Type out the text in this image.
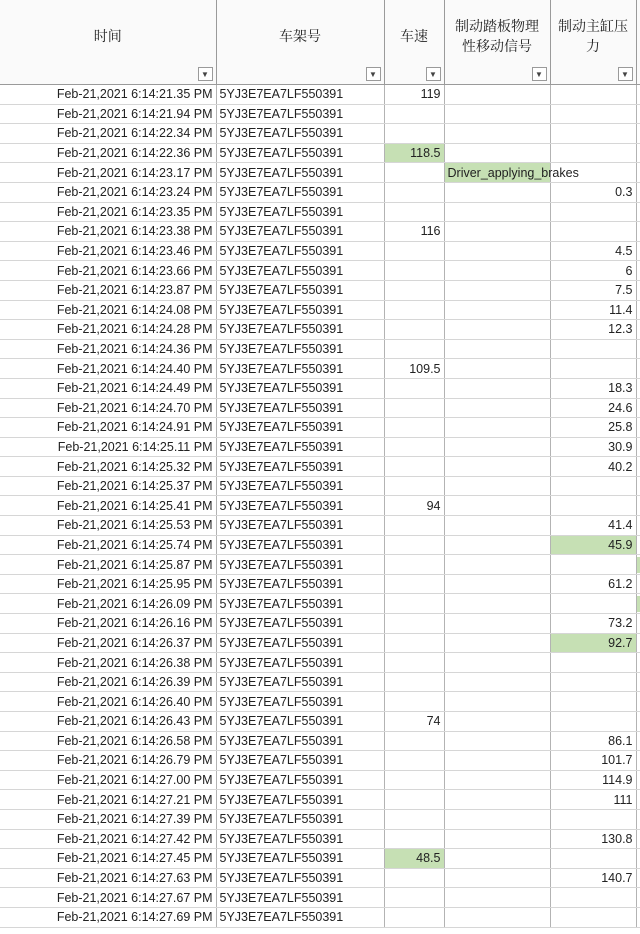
时间
▼	车架号
▼	车速
▼	制动踏板物理
性移动信号
▼	制动主缸压
力
▼	

Feb-21,2021 6:14:21.35 PM	5YJ3E7EA7LF550391	119			
Feb-21,2021 6:14:21.94 PM	5YJ3E7EA7LF550391				
Feb-21,2021 6:14:22.34 PM	5YJ3E7EA7LF550391				
Feb-21,2021 6:14:22.36 PM	5YJ3E7EA7LF550391	118.5			
Feb-21,2021 6:14:23.17 PM	5YJ3E7EA7LF550391		Driver_applying_brakes		
Feb-21,2021 6:14:23.24 PM	5YJ3E7EA7LF550391			0.3	
Feb-21,2021 6:14:23.35 PM	5YJ3E7EA7LF550391				
Feb-21,2021 6:14:23.38 PM	5YJ3E7EA7LF550391	116			
Feb-21,2021 6:14:23.46 PM	5YJ3E7EA7LF550391			4.5	
Feb-21,2021 6:14:23.66 PM	5YJ3E7EA7LF550391			6	
Feb-21,2021 6:14:23.87 PM	5YJ3E7EA7LF550391			7.5	
Feb-21,2021 6:14:24.08 PM	5YJ3E7EA7LF550391			11.4	
Feb-21,2021 6:14:24.28 PM	5YJ3E7EA7LF550391			12.3	
Feb-21,2021 6:14:24.36 PM	5YJ3E7EA7LF550391				
Feb-21,2021 6:14:24.40 PM	5YJ3E7EA7LF550391	109.5			
Feb-21,2021 6:14:24.49 PM	5YJ3E7EA7LF550391			18.3	
Feb-21,2021 6:14:24.70 PM	5YJ3E7EA7LF550391			24.6	
Feb-21,2021 6:14:24.91 PM	5YJ3E7EA7LF550391			25.8	
Feb-21,2021 6:14:25.11 PM	5YJ3E7EA7LF550391			30.9	
Feb-21,2021 6:14:25.32 PM	5YJ3E7EA7LF550391			40.2	
Feb-21,2021 6:14:25.37 PM	5YJ3E7EA7LF550391				
Feb-21,2021 6:14:25.41 PM	5YJ3E7EA7LF550391	94			
Feb-21,2021 6:14:25.53 PM	5YJ3E7EA7LF550391			41.4	
Feb-21,2021 6:14:25.74 PM	5YJ3E7EA7LF550391			45.9	
Feb-21,2021 6:14:25.87 PM	5YJ3E7EA7LF550391				
Feb-21,2021 6:14:25.95 PM	5YJ3E7EA7LF550391			61.2	
Feb-21,2021 6:14:26.09 PM	5YJ3E7EA7LF550391				
Feb-21,2021 6:14:26.16 PM	5YJ3E7EA7LF550391			73.2	
Feb-21,2021 6:14:26.37 PM	5YJ3E7EA7LF550391			92.7	
Feb-21,2021 6:14:26.38 PM	5YJ3E7EA7LF550391				
Feb-21,2021 6:14:26.39 PM	5YJ3E7EA7LF550391				
Feb-21,2021 6:14:26.40 PM	5YJ3E7EA7LF550391				
Feb-21,2021 6:14:26.43 PM	5YJ3E7EA7LF550391	74			
Feb-21,2021 6:14:26.58 PM	5YJ3E7EA7LF550391			86.1	
Feb-21,2021 6:14:26.79 PM	5YJ3E7EA7LF550391			101.7	
Feb-21,2021 6:14:27.00 PM	5YJ3E7EA7LF550391			114.9	
Feb-21,2021 6:14:27.21 PM	5YJ3E7EA7LF550391			111	
Feb-21,2021 6:14:27.39 PM	5YJ3E7EA7LF550391				
Feb-21,2021 6:14:27.42 PM	5YJ3E7EA7LF550391			130.8	
Feb-21,2021 6:14:27.45 PM	5YJ3E7EA7LF550391	48.5			
Feb-21,2021 6:14:27.63 PM	5YJ3E7EA7LF550391			140.7	
Feb-21,2021 6:14:27.67 PM	5YJ3E7EA7LF550391				
Feb-21,2021 6:14:27.69 PM	5YJ3E7EA7LF550391				
